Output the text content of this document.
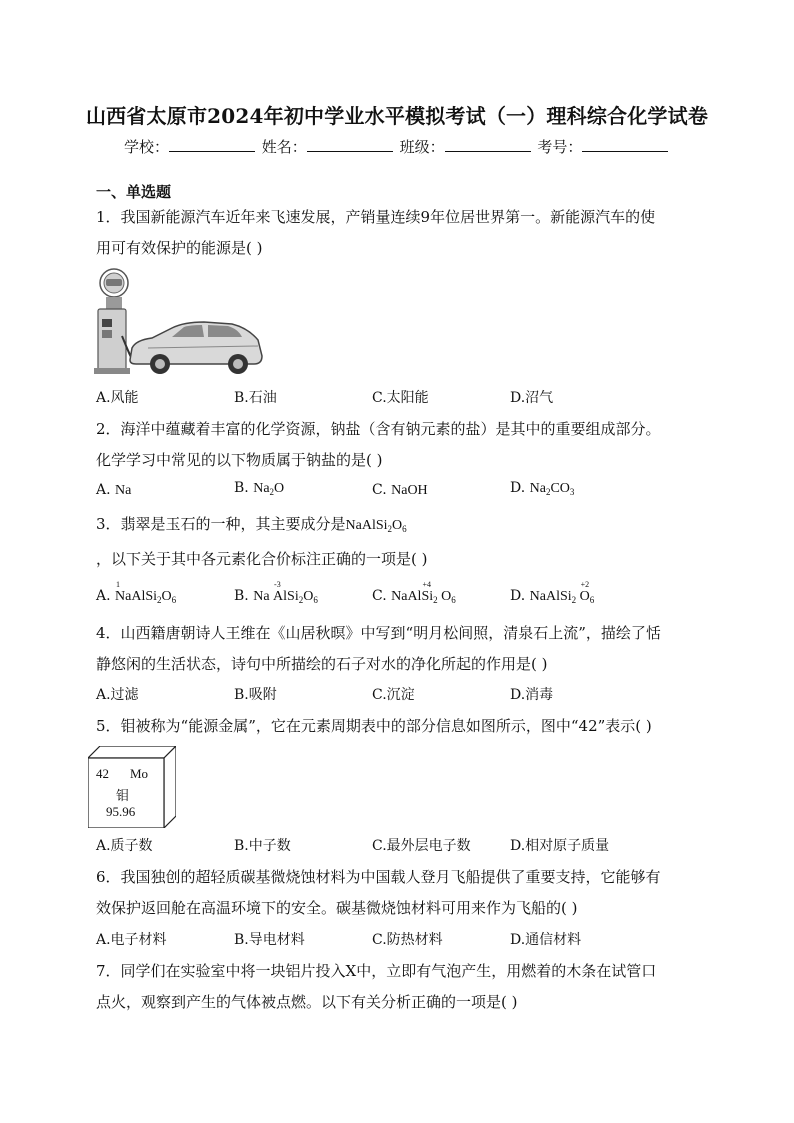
山西省太原市2024年初中学业水平模拟考试（一）理科综合化学试卷
学校：	姓名：	班级：	考号：
一、单选题
1．我国新能源汽车近年来飞速发展，产销量连续9年位居世界第一。新能源汽车的使
用可有效保护的能源是( )
A.风能	B.石油	C.太阳能	D.沼气
2．海洋中蕴藏着丰富的化学资源，钠盐（含有钠元素的盐）是其中的重要组成部分。
化学学习中常见的以下物质属于钠盐的是( )
A. Na	B. $Na_2O$	C. NaOH	D. $Na_2CO_3$
3．翡翠是玉石的一种，其主要成分是$NaAlSi_2O_6$
，以下关于其中各元素化合价标注正确的一项是( )
A. N
1
$aAlSi_2O_6$	B. Na Al
-3
$Si_2O_6$	C. NaAlSi
+4
$_2$ $O_6$	D. NaAlSi$_2$ O
+2
$_6$
4．山西籍唐朝诗人王维在《山居秋暝》中写到“明月松间照，清泉石上流”，描绘了恬
静悠闲的生活状态，诗句中所描绘的石子对水的净化所起的作用是( )
A.过滤	B.吸附	C.沉淀	D.消毒
5．钼被称为“能源金属”，它在元素周期表中的部分信息如图所示，图中“42”表示( )
42 Mo
钼
95.96
A.质子数	B.中子数	C.最外层电子数	D.相对原子质量
6．我国独创的超轻质碳基微烧蚀材料为中国载人登月飞船提供了重要支持，它能够有
效保护返回舱在高温环境下的安全。碳基微烧蚀材料可用来作为飞船的( )
A.电子材料	B.导电材料	C.防热材料	D.通信材料
7．同学们在实验室中将一块铝片投入X中，立即有气泡产生，用燃着的木条在试管口
点火，观察到产生的气体被点燃。以下有关分析正确的一项是( )
